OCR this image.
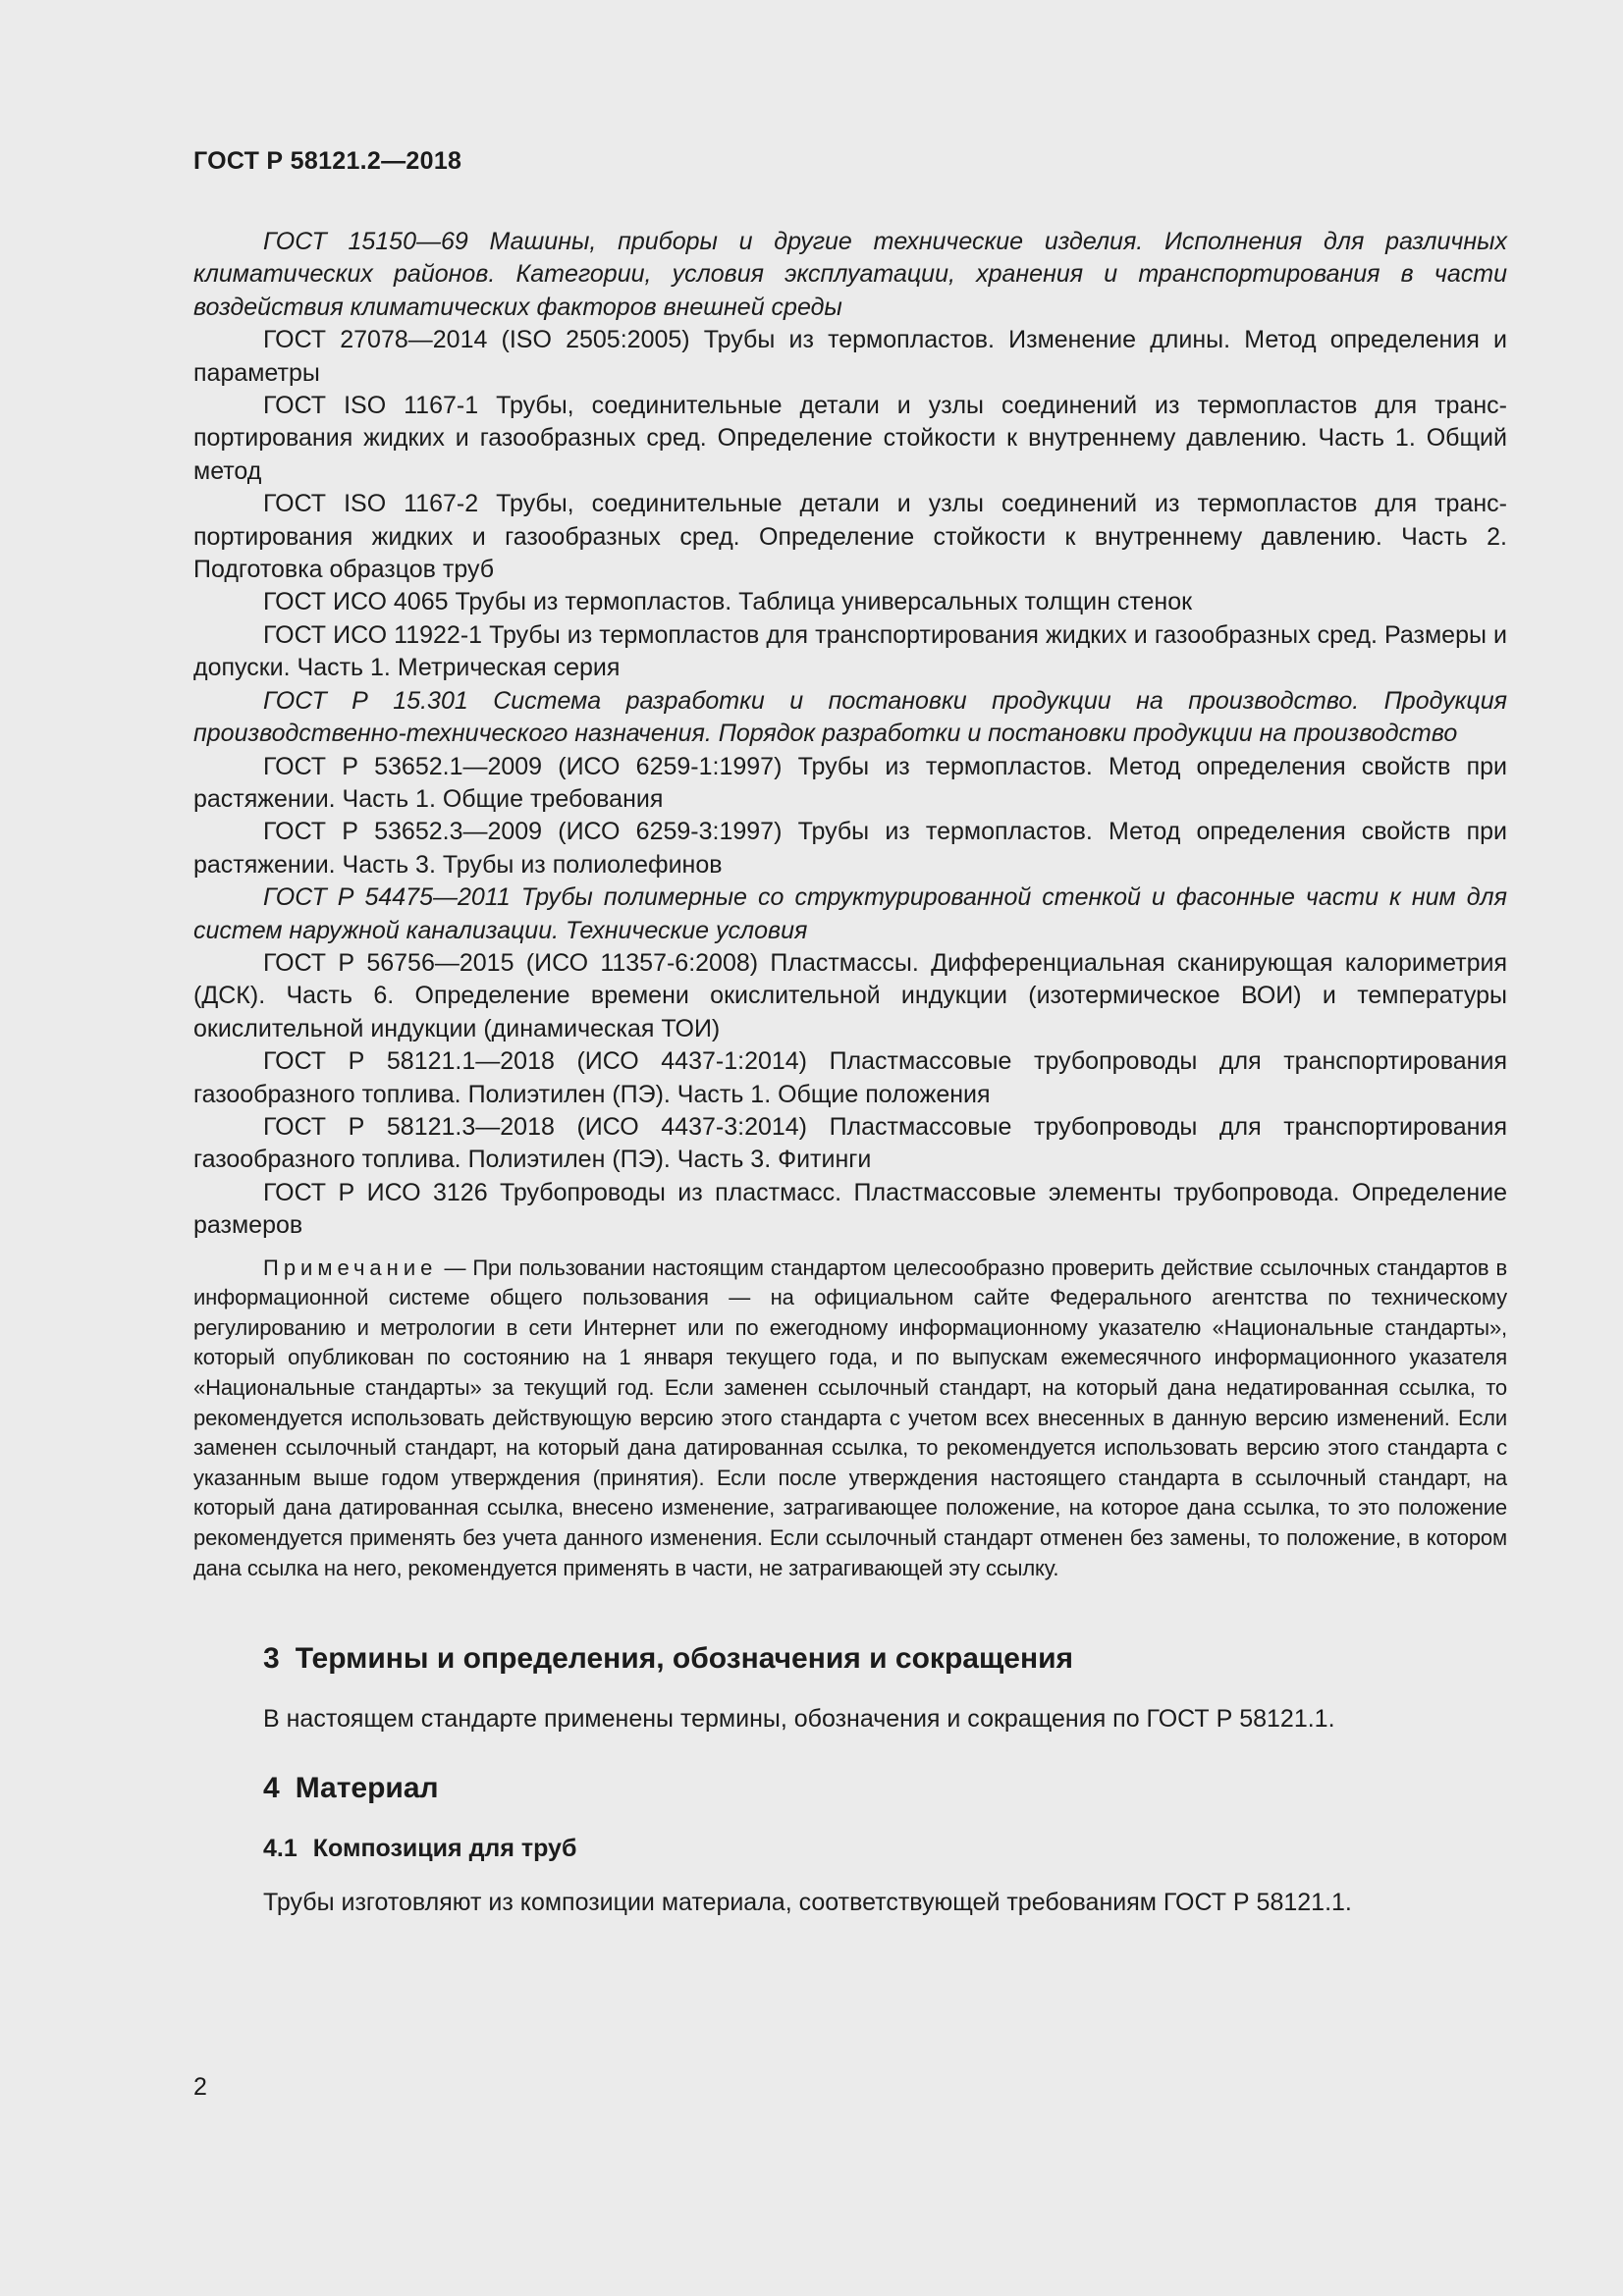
ГОСТ Р 58121.2—2018

ГОСТ 15150—69 Машины, приборы и другие технические изделия. Исполнения для различных климатических районов. Категории, условия эксплуатации, хранения и транспортирования в части воздействия климатических факторов внешней среды

ГОСТ 27078—2014 (ISO 2505:2005) Трубы из термопластов. Изменение длины. Метод определения и параметры

ГОСТ ISO 1167-1 Трубы, соединительные детали и узлы соединений из термопластов для транспортирования жидких и газообразных сред. Определение стойкости к внутреннему давлению. Часть 1. Общий метод

ГОСТ ISO 1167-2 Трубы, соединительные детали и узлы соединений из термопластов для транспортирования жидких и газообразных сред. Определение стойкости к внутреннему давлению. Часть 2. Подготовка образцов труб

ГОСТ ИСО 4065 Трубы из термопластов. Таблица универсальных толщин стенок

ГОСТ ИСО 11922-1 Трубы из термопластов для транспортирования жидких и газообразных сред. Размеры и допуски. Часть 1. Метрическая серия

ГОСТ Р 15.301 Система разработки и постановки продукции на производство. Продукция производственно-технического назначения. Порядок разработки и постановки продукции на производство

ГОСТ Р 53652.1—2009 (ИСО 6259-1:1997) Трубы из термопластов. Метод определения свойств при растяжении. Часть 1. Общие требования

ГОСТ Р 53652.3—2009 (ИСО 6259-3:1997) Трубы из термопластов. Метод определения свойств при растяжении. Часть 3. Трубы из полиолефинов

ГОСТ Р 54475—2011 Трубы полимерные со структурированной стенкой и фасонные части к ним для систем наружной канализации. Технические условия

ГОСТ Р 56756—2015 (ИСО 11357-6:2008) Пластмассы. Дифференциальная сканирующая калориметрия (ДСК). Часть 6. Определение времени окислительной индукции (изотермическое ВОИ) и температуры окислительной индукции (динамическая ТОИ)

ГОСТ Р 58121.1—2018 (ИСО 4437-1:2014) Пластмассовые трубопроводы для транспортирования газообразного топлива. Полиэтилен (ПЭ). Часть 1. Общие положения

ГОСТ Р 58121.3—2018 (ИСО 4437-3:2014) Пластмассовые трубопроводы для транспортирования газообразного топлива. Полиэтилен (ПЭ). Часть 3. Фитинги

ГОСТ Р ИСО 3126 Трубопроводы из пластмасс. Пластмассовые элементы трубопровода. Определение размеров

Примечание — При пользовании настоящим стандартом целесообразно проверить действие ссылочных стандартов в информационной системе общего пользования — на официальном сайте Федерального агентства по техническому регулированию и метрологии в сети Интернет или по ежегодному информационному указателю «Национальные стандарты», который опубликован по состоянию на 1 января текущего года, и по выпускам ежемесячного информационного указателя «Национальные стандарты» за текущий год. Если заменен ссылочный стандарт, на который дана недатированная ссылка, то рекомендуется использовать действующую версию этого стандарта с учетом всех внесенных в данную версию изменений. Если заменен ссылочный стандарт, на который дана датированная ссылка, то рекомендуется использовать версию этого стандарта с указанным выше годом утверждения (принятия). Если после утверждения настоящего стандарта в ссылочный стандарт, на который дана датированная ссылка, внесено изменение, затрагивающее положение, на которое дана ссылка, то это положение рекомендуется применять без учета данного изменения. Если ссылочный стандарт отменен без замены, то положение, в котором дана ссылка на него, рекомендуется применять в части, не затрагивающей эту ссылку.

3 Термины и определения, обозначения и сокращения

В настоящем стандарте применены термины, обозначения и сокращения по ГОСТ Р 58121.1.

4 Материал
4.1 Композиция для труб

Трубы изготовляют из композиции материала, соответствующей требованиям ГОСТ Р 58121.1.

2
